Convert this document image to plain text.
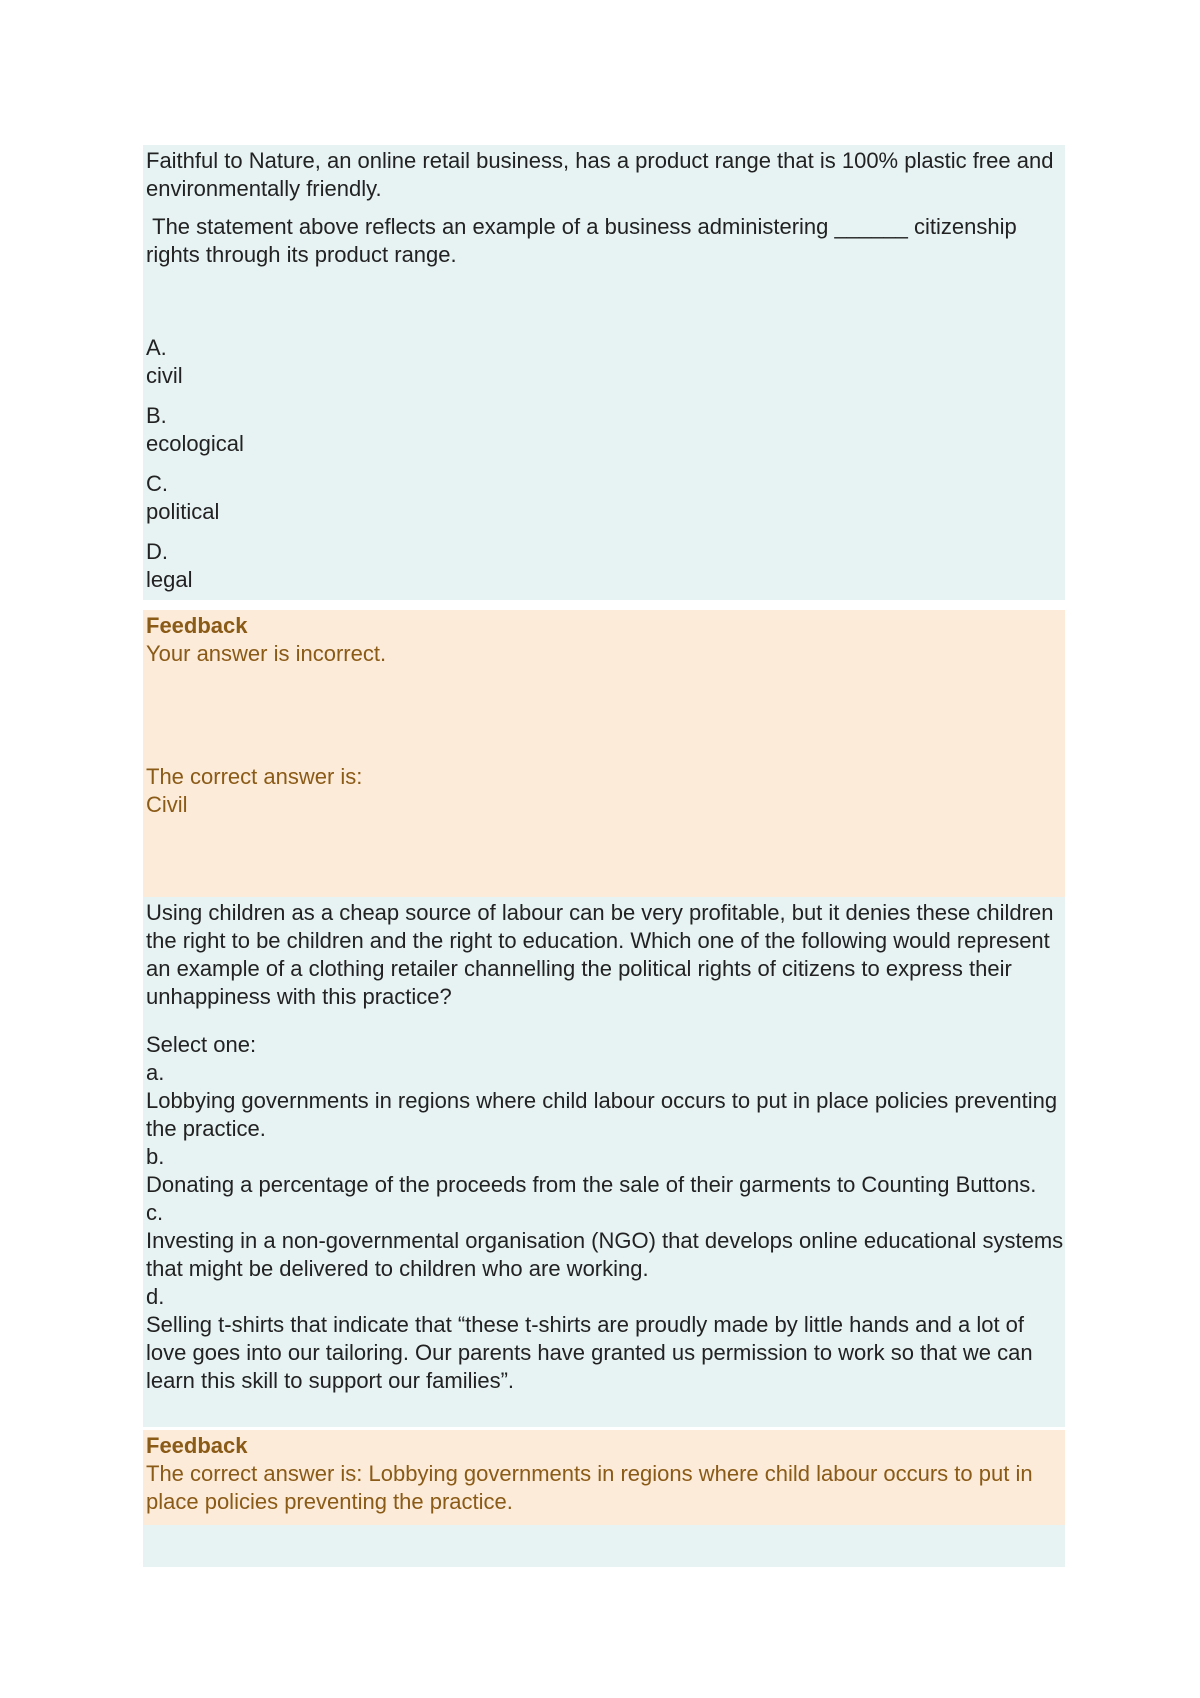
Faithful to Nature, an online retail business, has a product range that is 100% plastic free and environmentally friendly.

The statement above reflects an example of a business administering ______ citizenship rights through its product range.

A.
civil
B.
ecological
C.
political
D.
legal

Feedback

Your answer is incorrect.

The correct answer is:

Civil

Using children as a cheap source of labour can be very profitable, but it denies these children the right to be children and the right to education. Which one of the following would represent an example of a clothing retailer channelling the political rights of citizens to express their unhappiness with this practice?

Select one:

a.
Lobbying governments in regions where child labour occurs to put in place policies preventing the practice.
b.
Donating a percentage of the proceeds from the sale of their garments to Counting Buttons.
c.
Investing in a non-governmental organisation (NGO) that develops online educational systems that might be delivered to children who are working.
d.
Selling t-shirts that indicate that “these t-shirts are proudly made by little hands and a lot of love goes into our tailoring. Our parents have granted us permission to work so that we can learn this skill to support our families”.

Feedback

The correct answer is: Lobbying governments in regions where child labour occurs to put in place policies preventing the practice.
